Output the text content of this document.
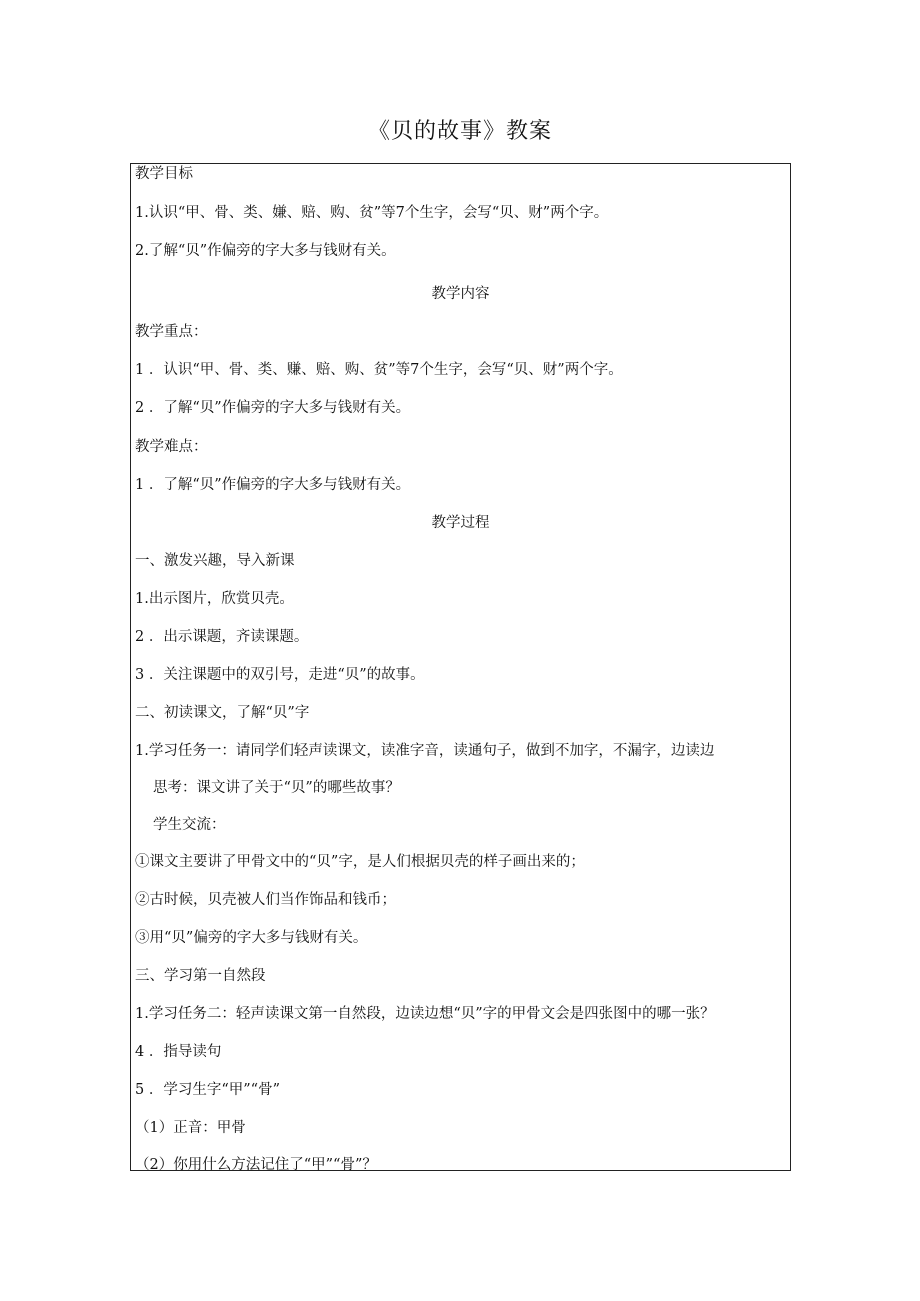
《贝的故事》教案
教学目标
1.认识“甲、骨、类、嫌、赔、购、贫”等7个生字，会写“贝、财”两个字。
2.了解“贝”作偏旁的字大多与钱财有关。
教学内容
教学重点：
1 ．认识“甲、骨、类、赚、赔、购、贫”等7个生字，会写“贝、财”两个字。
2 ．了解“贝”作偏旁的字大多与钱财有关。
教学难点：
1 ．了解“贝”作偏旁的字大多与钱财有关。
教学过程
一、激发兴趣，导入新课
1.出示图片，欣赏贝壳。
2 ．出示课题，齐读课题。
3 ．关注课题中的双引号，走进“贝”的故事。
二、初读课文，了解“贝”字
1.学习任务一：请同学们轻声读课文，读准字音，读通句子，做到不加字，不漏字，边读边
思考：课文讲了关于“贝”的哪些故事？
学生交流：
①课文主要讲了甲骨文中的“贝”字，是人们根据贝壳的样子画出来的；
②古时候，贝壳被人们当作饰品和钱币；
③用“贝”偏旁的字大多与钱财有关。
三、学习第一自然段
1.学习任务二：轻声读课文第一自然段，边读边想“贝”字的甲骨文会是四张图中的哪一张？
4 ．指导读句
5 ．学习生字“甲”“骨”
（1）正音：甲骨
（2）你用什么方法记住了“甲”“骨”？
